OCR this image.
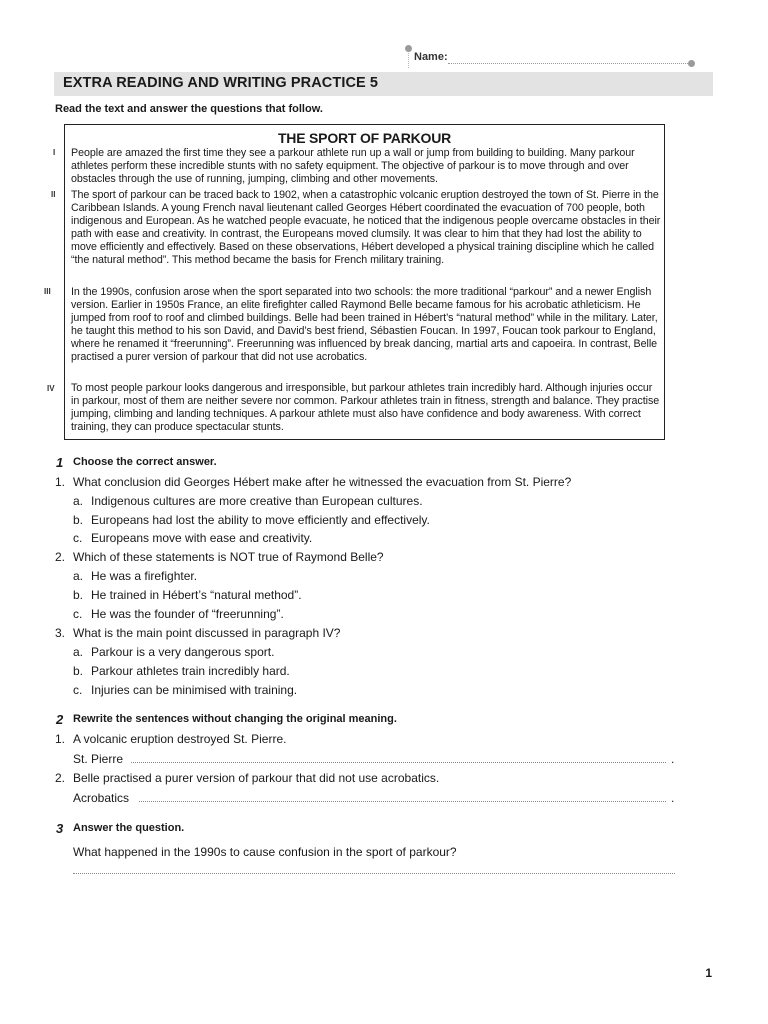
Name:
EXTRA READING AND WRITING PRACTICE 5
Read the text and answer the questions that follow.
THE SPORT OF PARKOUR

People are amazed the first time they see a parkour athlete run up a wall or jump from building to building. Many parkour athletes perform these incredible stunts with no safety equipment. The objective of parkour is to move through and over obstacles through the use of running, jumping, climbing and other movements.

The sport of parkour can be traced back to 1902, when a catastrophic volcanic eruption destroyed the town of St. Pierre in the Caribbean Islands. A young French naval lieutenant called Georges Hébert coordinated the evacuation of 700 people, both indigenous and European. As he watched people evacuate, he noticed that the indigenous people overcame obstacles in their path with ease and creativity. In contrast, the Europeans moved clumsily. It was clear to him that they had lost the ability to move efficiently and effectively. Based on these observations, Hébert developed a physical training discipline which he called “the natural method”. This method became the basis for French military training.

In the 1990s, confusion arose when the sport separated into two schools: the more traditional “parkour” and a newer English version. Earlier in 1950s France, an elite firefighter called Raymond Belle became famous for his acrobatic athleticism. He jumped from roof to roof and climbed buildings. Belle had been trained in Hébert’s “natural method” while in the military. Later, he taught this method to his son David, and David’s best friend, Sébastien Foucan. In 1997, Foucan took parkour to England, where he renamed it “freerunning”. Freerunning was influenced by break dancing, martial arts and capoeira. In contrast, Belle practised a purer version of parkour that did not use acrobatics.

To most people parkour looks dangerous and irresponsible, but parkour athletes train incredibly hard. Although injuries occur in parkour, most of them are neither severe nor common. Parkour athletes train in fitness, strength and balance. They practise jumping, climbing and landing techniques. A parkour athlete must also have confidence and body awareness. With correct training, they can produce spectacular stunts.

I
II
III
IV
1 Choose the correct answer.
1. What conclusion did Georges Hébert make after he witnessed the evacuation from St. Pierre?
a. Indigenous cultures are more creative than European cultures.
b. Europeans had lost the ability to move efficiently and effectively.
c. Europeans move with ease and creativity.
2. Which of these statements is NOT true of Raymond Belle?
a. He was a firefighter.
b. He trained in Hébert’s “natural method”.
c. He was the founder of “freerunning”.
3. What is the main point discussed in paragraph IV?
a. Parkour is a very dangerous sport.
b. Parkour athletes train incredibly hard.
c. Injuries can be minimised with training.
2 Rewrite the sentences without changing the original meaning.
1. A volcanic eruption destroyed St. Pierre.
St. Pierre	.
2. Belle practised a purer version of parkour that did not use acrobatics.
Acrobatics	.
3 Answer the question.
What happened in the 1990s to cause confusion in the sport of parkour?
1
